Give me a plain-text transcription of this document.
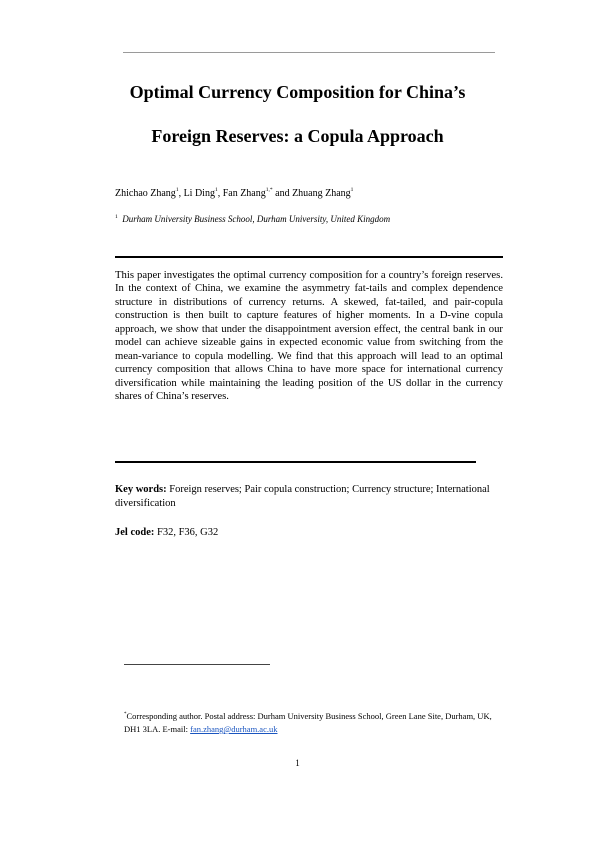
Optimal Currency Composition for China’s
Foreign Reserves: a Copula Approach
Zhichao Zhang$^1$, Li Ding$^1$, Fan Zhang$^{1,*}$ and Zhuang Zhang$^1$
$^1$ Durham University Business School, Durham University, United Kingdom
This paper investigates the optimal currency composition for a country’s foreign reserves. In the context of China, we examine the asymmetry fat-tails and complex dependence structure in distributions of currency returns. A skewed, fat-tailed, and pair-copula construction is then built to capture features of higher moments. In a D-vine copula approach, we show that under the disappointment aversion effect, the central bank in our model can achieve sizeable gains in expected economic value from switching from the mean-variance to copula modelling. We find that this approach will lead to an optimal currency composition that allows China to have more space for international currency diversification while maintaining the leading position of the US dollar in the currency shares of China’s reserves.
Key words: Foreign reserves; Pair copula construction; Currency structure; International diversification
Jel code: F32, F36, G32
*Corresponding author. Postal address: Durham University Business School, Green Lane Site, Durham, UK, DH1 3LA. E-mail: fan.zhang@durham.ac.uk
1
